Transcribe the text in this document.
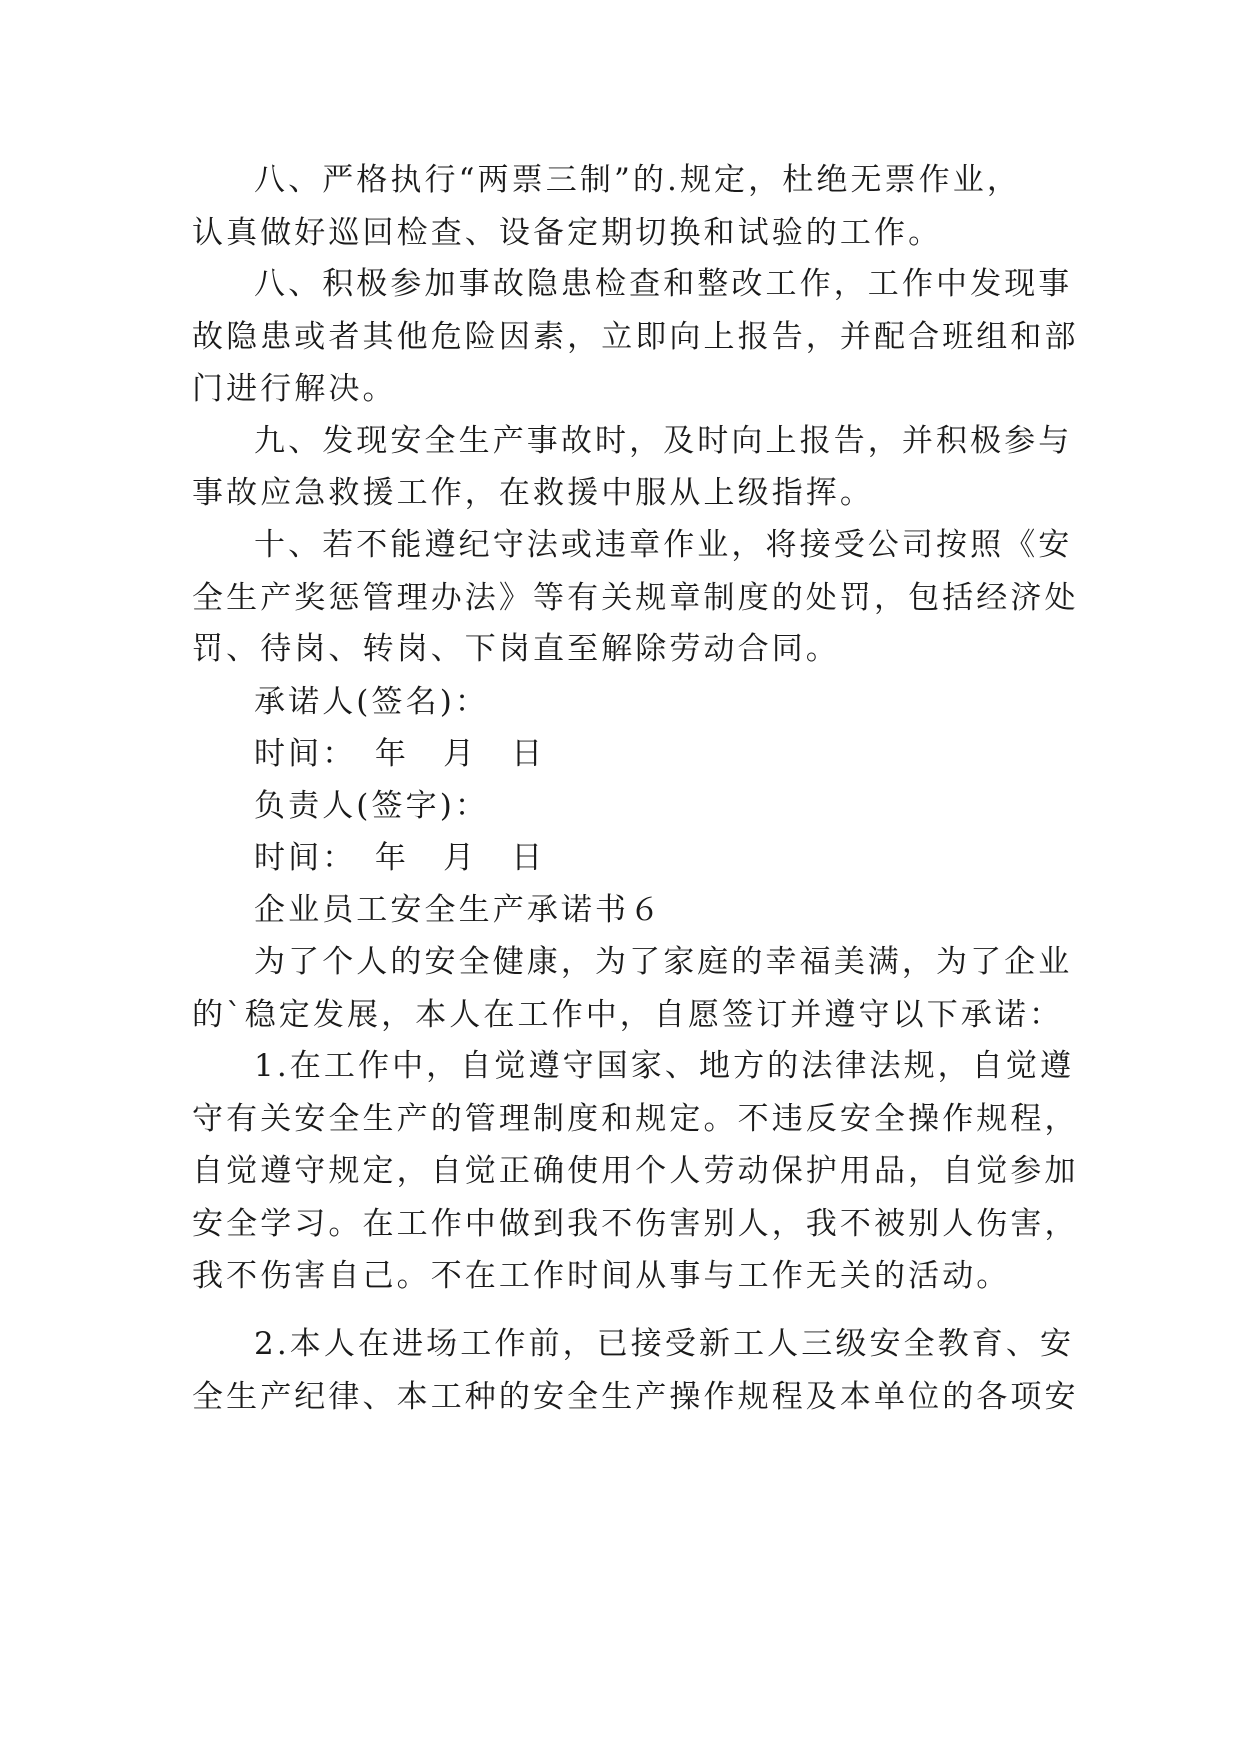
八、严格执行“两票三制”的.规定，杜绝无票作业，
认真做好巡回检查、设备定期切换和试验的工作。
八、积极参加事故隐患检查和整改工作，工作中发现事
故隐患或者其他危险因素，立即向上报告，并配合班组和部
门进行解决。
九、发现安全生产事故时，及时向上报告，并积极参与
事故应急救援工作，在救援中服从上级指挥。
十、若不能遵纪守法或违章作业，将接受公司按照《安
全生产奖惩管理办法》等有关规章制度的处罚，包括经济处
罚、待岗、转岗、下岗直至解除劳动合同。
承诺人(签名)：
时间：　年　月　日
负责人(签字)：
时间：　年　月　日
企业员工安全生产承诺书６
为了个人的安全健康，为了家庭的幸福美满，为了企业
的`稳定发展，本人在工作中，自愿签订并遵守以下承诺：
1.在工作中，自觉遵守国家、地方的法律法规，自觉遵
守有关安全生产的管理制度和规定。不违反安全操作规程，
自觉遵守规定，自觉正确使用个人劳动保护用品，自觉参加
安全学习。在工作中做到我不伤害别人，我不被别人伤害，
我不伤害自己。不在工作时间从事与工作无关的活动。
2.本人在进场工作前，已接受新工人三级安全教育、安
全生产纪律、本工种的安全生产操作规程及本单位的各项安
